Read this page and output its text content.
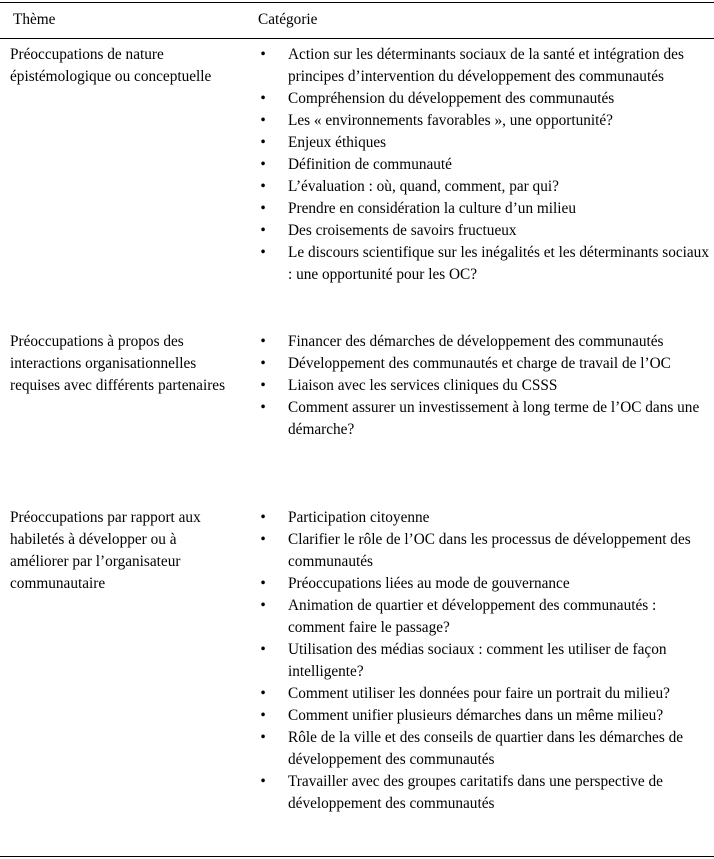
Thème	Catégorie
Préoccupations de nature épistémologique ou conceptuelle
• Action sur les déterminants sociaux de la santé et intégration des principes d’intervention du développement des communautés
• Compréhension du développement des communautés
• Les « environnements favorables », une opportunité?
• Enjeux éthiques
• Définition de communauté
• L’évaluation : où, quand, comment, par qui?
• Prendre en considération la culture d’un milieu
• Des croisements de savoirs fructueux
• Le discours scientifique sur les inégalités et les déterminants sociaux : une opportunité pour les OC?
Préoccupations à propos des interactions organisationnelles requises avec différents partenaires
• Financer des démarches de développement des communautés
• Développement des communautés et charge de travail de l’OC
• Liaison avec les services cliniques du CSSS
• Comment assurer un investissement à long terme de l’OC dans une démarche?
Préoccupations par rapport aux habiletés à développer ou à améliorer par l’organisateur communautaire
• Participation citoyenne
• Clarifier le rôle de l’OC dans les processus de développement des communautés
• Préoccupations liées au mode de gouvernance
• Animation de quartier et développement des communautés : comment faire le passage?
• Utilisation des médias sociaux : comment les utiliser de façon intelligente?
• Comment utiliser les données pour faire un portrait du milieu?
• Comment unifier plusieurs démarches dans un même milieu?
• Rôle de la ville et des conseils de quartier dans les démarches de développement des communautés
• Travailler avec des groupes caritatifs dans une perspective de développement des communautés
